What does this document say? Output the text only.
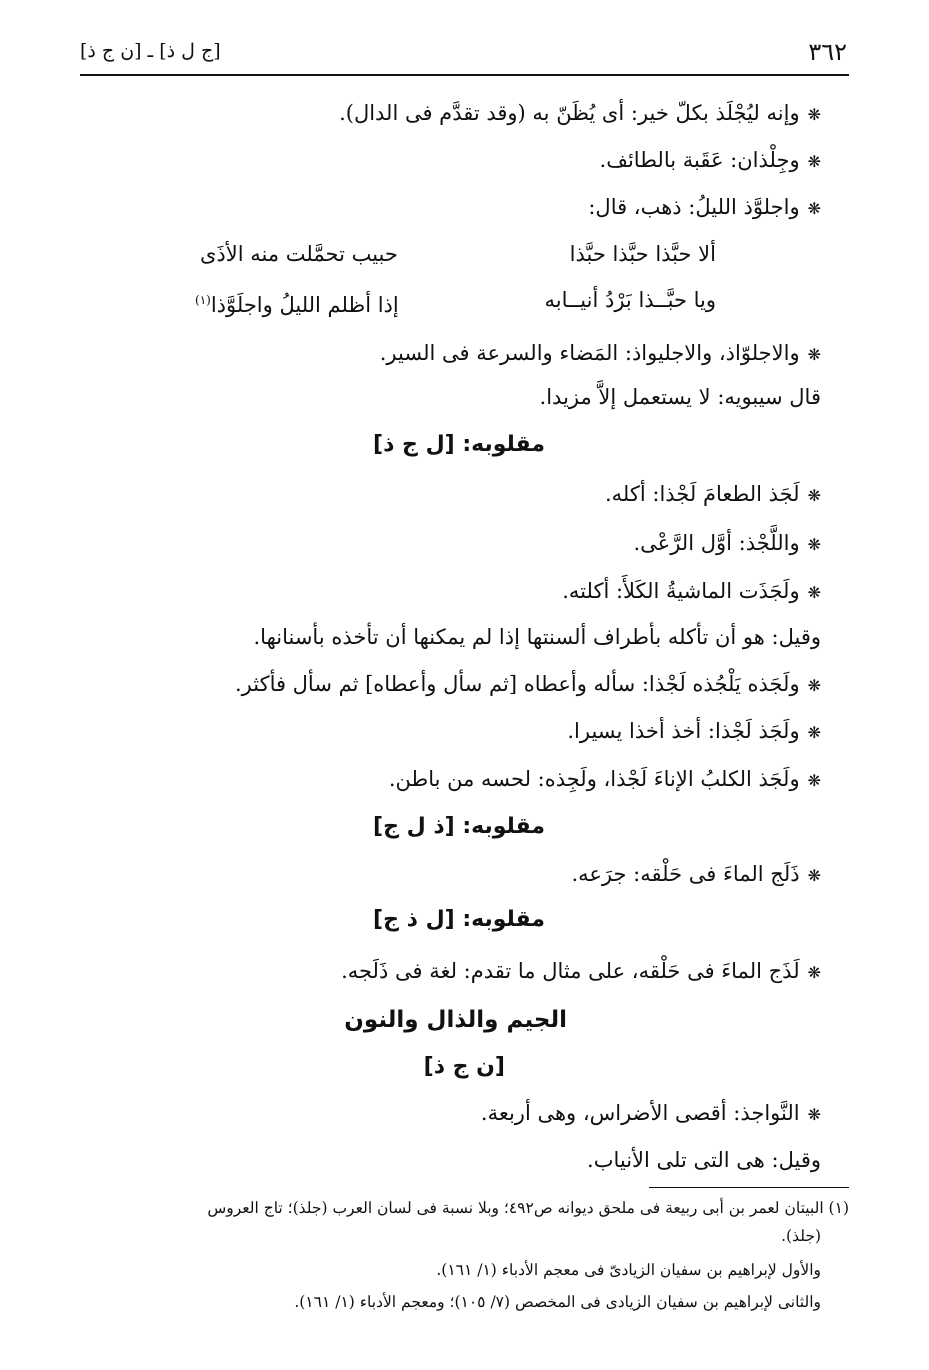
٣٦٢
[ج ل ذ] ـ [ن ج ذ]
❋وإنه ليُجْلَذ بكلّ خير: أى يُظَنّ به (وقد تقدَّم فى الدال).
❋وجِلْذان: عَقَبة بالطائف.
❋واجلوَّذ الليلُ: ذهب، قال:
ألا حبَّذا حبَّذا حبَّذا
حبيب تحمَّلت منه الأذَى
ويا حبَّــذا بَرْدُ أنيــابه
إذا أظلم الليلُ واجلَوَّذا$^{(١)}$
❋والاجلوّاذ، والاجليواذ: المَضاء والسرعة فى السير.
قال سيبويه: لا يستعمل إلاَّ مزيدا.
مقلوبه: [ل ج ذ]
❋لَجَذ الطعامَ لَجْذا: أكله.
❋واللَّجْذ: أوَّل الرَّعْى.
❋ولَجَذَت الماشيةُ الكَلأَ: أكلته.
وقيل: هو أن تأكله بأطراف ألسنتها إذا لم يمكنها أن تأخذه بأسنانها.
❋ولَجَذه يَلْجُذه لَجْذا: سأله وأعطاه [ثم سأل وأعطاه] ثم سأل فأكثر.
❋ولَجَذ لَجْذا: أخذ أخذا يسيرا.
❋ولَجَذ الكلبُ الإناءَ لَجْذا، ولَجِذه: لحسه من باطن.
مقلوبه: [ذ ل ج]
❋ذَلَج الماءَ فى حَلْقه: جرَعه.
مقلوبه: [ل ذ ج]
❋لَذَج الماءَ فى حَلْقه، على مثال ما تقدم: لغة فى ذَلَجه.
الجيم والذال والنون
[ن ج ذ]
❋النَّواجذ: أقصى الأضراس، وهى أربعة.
وقيل: هى التى تلى الأنياب.
(١) البيتان لعمر بن أبى ربيعة فى ملحق ديوانه ص٤٩٢؛ وبلا نسبة فى لسان العرب (جلذ)؛ تاج العروس
(جلذ).
والأول لإبراهيم بن سفيان الزيادىّ فى معجم الأدباء (١/ ١٦١).
والثانى لإبراهيم بن سفيان الزيادى فى المخصص (٧/ ١٠٥)؛ ومعجم الأدباء (١/ ١٦١).
